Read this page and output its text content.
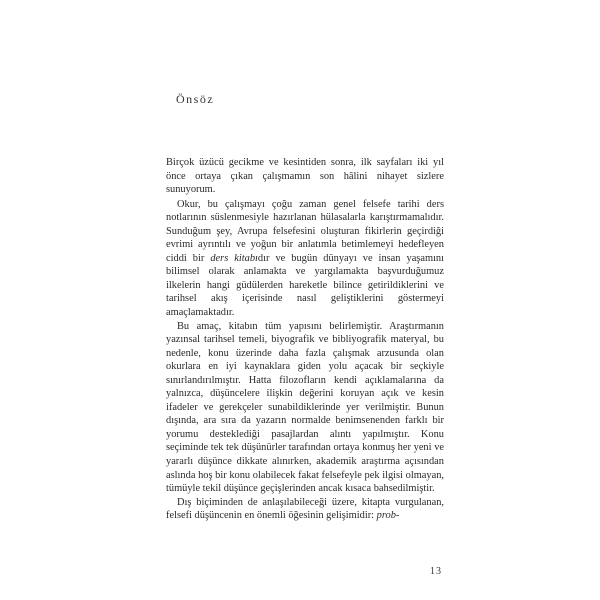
Önsöz

Birçok üzücü gecikme ve kesintiden sonra, ilk sayfaları iki yıl önce ortaya çıkan çalışmamın son hâlini nihayet sizlere sunuyorum.

Okur, bu çalışmayı çoğu zaman genel felsefe tarihi ders notlarının süslenmesiyle hazırlanan hülasalarla karıştırmamalıdır. Sunduğum şey, Avrupa felsefesini oluşturan fikirlerin geçirdiği evrimi ayrıntılı ve yoğun bir anlatımla betimlemeyi hedefleyen ciddi bir ders kitabıdır ve bugün dünyayı ve insan yaşamını bilimsel olarak anlamakta ve yargılamakta başvurduğumuz ilkelerin hangi güdülerden hareketle bilince getirildiklerini ve tarihsel akış içerisinde nasıl geliştiklerini göstermeyi amaçlamaktadır.

Bu amaç, kitabın tüm yapısını belirlemiştir. Araştırmanın yazınsal tarihsel temeli, biyografik ve bibliyografik materyal, bu nedenle, konu üzerinde daha fazla çalışmak arzusunda olan okurlara en iyi kaynaklara giden yolu açacak bir seçkiyle sınırlandırılmıştır. Hatta filozofların kendi açıklamalarına da yalnızca, düşüncelere ilişkin değerini koruyan açık ve kesin ifadeler ve gerekçeler sunabildiklerinde yer verilmiştir. Bunun dışında, ara sıra da yazarın normalde benimsenenden farklı bir yorumu desteklediği pasajlardan alıntı yapılmıştır. Konu seçiminde tek tek düşünürler tarafından ortaya konmuş her yeni ve yararlı düşünce dikkate alınırken, akademik araştırma açısından aslında hoş bir konu olabilecek fakat felsefeyle pek ilgisi olmayan, tümüyle tekil düşünce geçişlerinden ancak kısaca bahsedilmiştir.

Dış biçiminden de anlaşılabileceği üzere, kitapta vurgulanan, felsefi düşüncenin en önemli öğesinin gelişimidir: prob-

13
